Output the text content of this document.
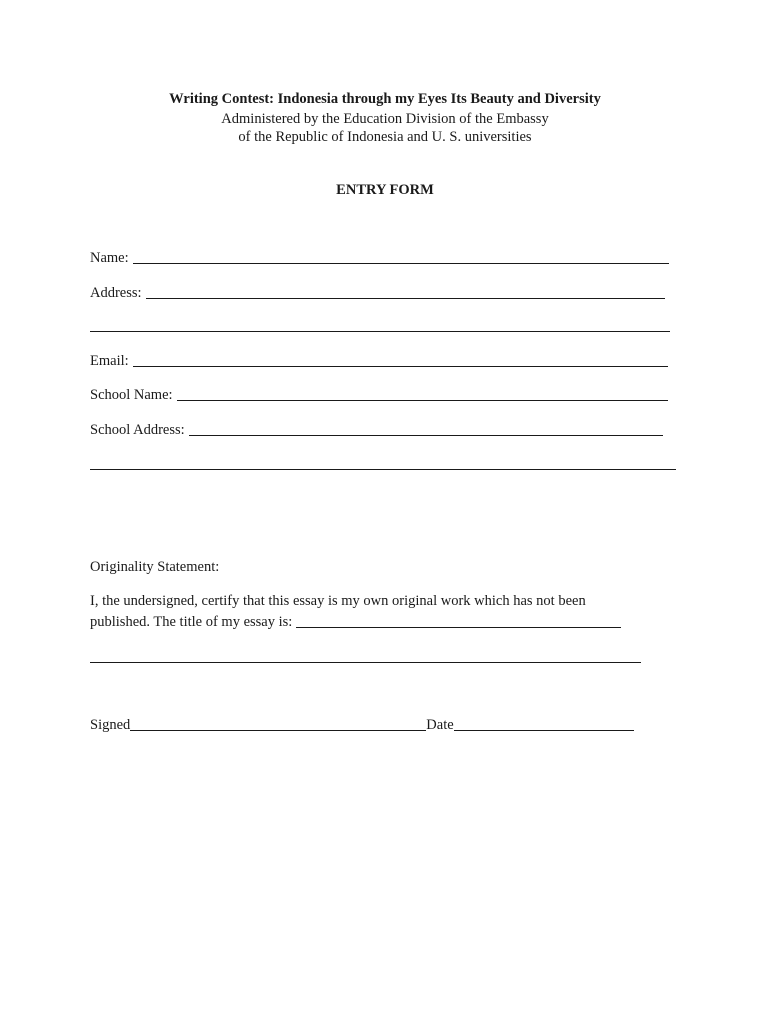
Writing Contest: Indonesia through my Eyes Its Beauty and Diversity
Administered by the Education Division of the Embassy
of the Republic of Indonesia and U. S. universities
ENTRY FORM
Name:
Address:
Email:
School Name:
School Address:
Originality Statement:
I, the undersigned, certify that this essay is my own original work which has not been
published. The title of my essay is:
Signed	Date
